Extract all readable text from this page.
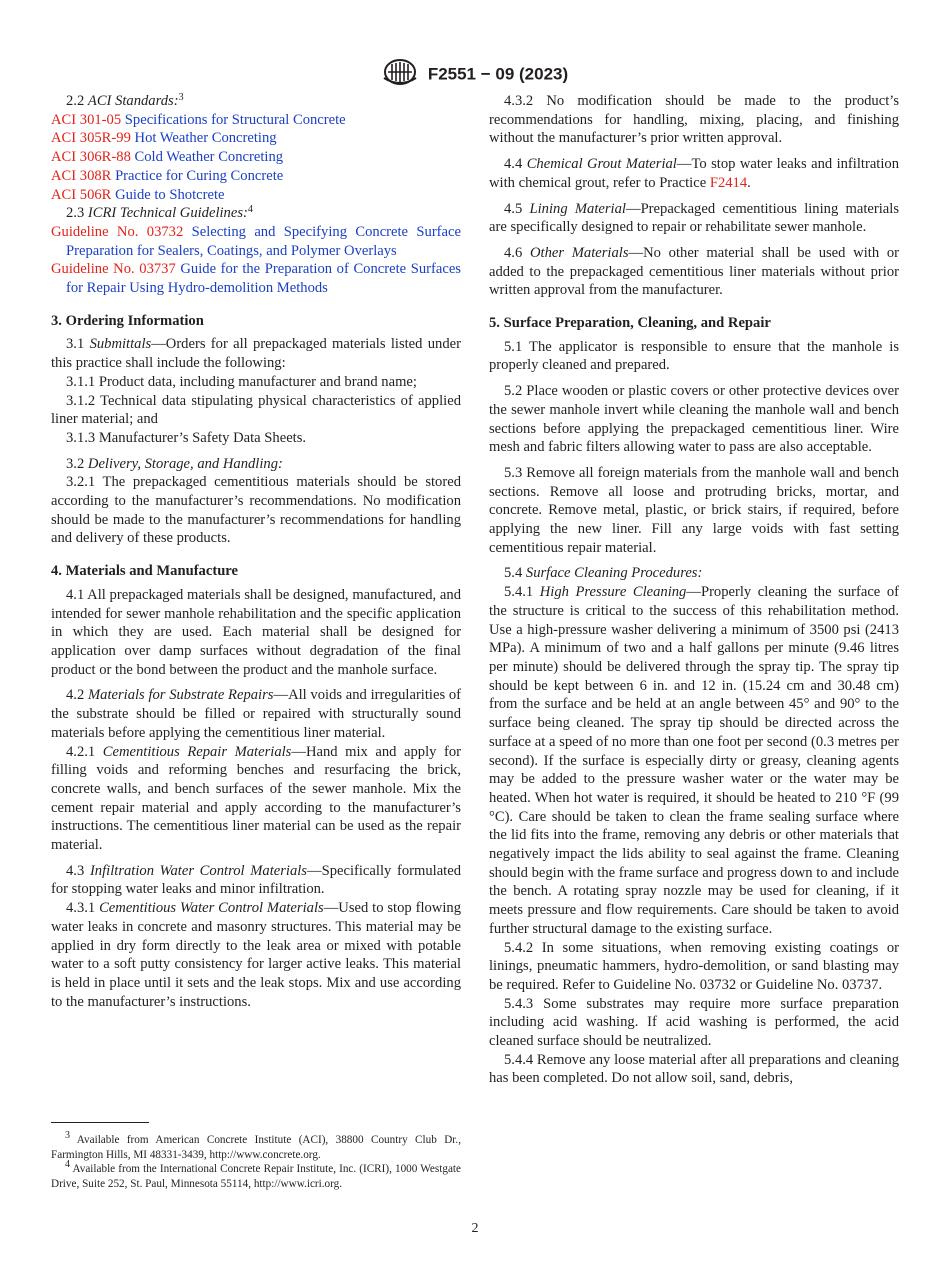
F2551 − 09 (2023)

2.2 ACI Standards:$^3$

ACI 301-05 Specifications for Structural Concrete

ACI 305R-99 Hot Weather Concreting

ACI 306R-88 Cold Weather Concreting

ACI 308R Practice for Curing Concrete

ACI 506R Guide to Shotcrete

2.3 ICRI Technical Guidelines:$^4$

Guideline No. 03732 Selecting and Specifying Concrete Surface Preparation for Sealers, Coatings, and Polymer Overlays

Guideline No. 03737 Guide for the Preparation of Concrete Surfaces for Repair Using Hydro-demolition Methods

3. Ordering Information

3.1 Submittals—Orders for all prepackaged materials listed under this practice shall include the following:

3.1.1 Product data, including manufacturer and brand name;

3.1.2 Technical data stipulating physical characteristics of applied liner material; and

3.1.3 Manufacturer’s Safety Data Sheets.

3.2 Delivery, Storage, and Handling:

3.2.1 The prepackaged cementitious materials should be stored according to the manufacturer’s recommendations. No modification should be made to the manufacturer’s recommendations for handling and delivery of these products.

4. Materials and Manufacture

4.1 All prepackaged materials shall be designed, manufactured, and intended for sewer manhole rehabilitation and the specific application in which they are used. Each material shall be designed for application over damp surfaces without degradation of the final product or the bond between the product and the manhole surface.

4.2 Materials for Substrate Repairs—All voids and irregularities of the substrate should be filled or repaired with structurally sound materials before applying the cementitious liner material.

4.2.1 Cementitious Repair Materials—Hand mix and apply for filling voids and reforming benches and resurfacing the brick, concrete walls, and bench surfaces of the sewer manhole. Mix the cement repair material and apply according to the manufacturer’s instructions. The cementitious liner material can be used as the repair material.

4.3 Infiltration Water Control Materials—Specifically formulated for stopping water leaks and minor infiltration.

4.3.1 Cementitious Water Control Materials—Used to stop flowing water leaks in concrete and masonry structures. This material may be applied in dry form directly to the leak area or mixed with potable water to a soft putty consistency for larger active leaks. This material is held in place until it sets and the leak stops. Mix and use according to the manufacturer’s instructions.

4.3.2 No modification should be made to the product’s recommendations for handling, mixing, placing, and finishing without the manufacturer’s prior written approval.

4.4 Chemical Grout Material—To stop water leaks and infiltration with chemical grout, refer to Practice F2414.

4.5 Lining Material—Prepackaged cementitious lining materials are specifically designed to repair or rehabilitate sewer manhole.

4.6 Other Materials—No other material shall be used with or added to the prepackaged cementitious liner materials without prior written approval from the manufacturer.

5. Surface Preparation, Cleaning, and Repair

5.1 The applicator is responsible to ensure that the manhole is properly cleaned and prepared.

5.2 Place wooden or plastic covers or other protective devices over the sewer manhole invert while cleaning the manhole wall and bench sections before applying the prepackaged cementitious liner. Wire mesh and fabric filters allowing water to pass are also acceptable.

5.3 Remove all foreign materials from the manhole wall and bench sections. Remove all loose and protruding bricks, mortar, and concrete. Remove metal, plastic, or brick stairs, if required, before applying the new liner. Fill any large voids with fast setting cementitious repair material.

5.4 Surface Cleaning Procedures:

5.4.1 High Pressure Cleaning—Properly cleaning the surface of the structure is critical to the success of this rehabilitation method. Use a high-pressure washer delivering a minimum of 3500 psi (2413 MPa). A minimum of two and a half gallons per minute (9.46 litres per minute) should be delivered through the spray tip. The spray tip should be kept between 6 in. and 12 in. (15.24 cm and 30.48 cm) from the surface and be held at an angle between 45° and 90° to the surface being cleaned. The spray tip should be directed across the surface at a speed of no more than one foot per second (0.3 metres per second). If the surface is especially dirty or greasy, cleaning agents may be added to the pressure washer water or the water may be heated. When hot water is required, it should be heated to 210 °F (99 °C). Care should be taken to clean the frame sealing surface where the lid fits into the frame, removing any debris or other materials that negatively impact the lids ability to seal against the frame. Cleaning should begin with the frame surface and progress down to and include the bench. A rotating spray nozzle may be used for cleaning, if it meets pressure and flow requirements. Care should be taken to avoid further structural damage to the existing surface.

5.4.2 In some situations, when removing existing coatings or linings, pneumatic hammers, hydro-demolition, or sand blasting may be required. Refer to Guideline No. 03732 or Guideline No. 03737.

5.4.3 Some substrates may require more surface preparation including acid washing. If acid washing is performed, the acid cleaned surface should be neutralized.

5.4.4 Remove any loose material after all preparations and cleaning has been completed. Do not allow soil, sand, debris,

$^3$ Available from American Concrete Institute (ACI), 38800 Country Club Dr., Farmington Hills, MI 48331-3439, http://www.concrete.org.

$^4$ Available from the International Concrete Repair Institute, Inc. (ICRI), 1000 Westgate Drive, Suite 252, St. Paul, Minnesota 55114, http://www.icri.org.

2
